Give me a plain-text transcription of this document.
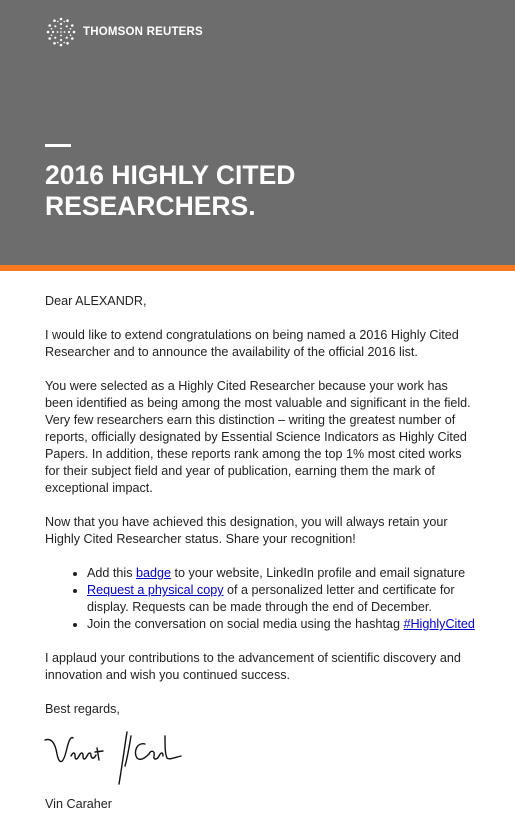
THOMSON REUTERS
2016 HIGHLY CITED
RESEARCHERS.

Dear ALEXANDR,

I would like to extend congratulations on being named a 2016 Highly Cited Researcher and to announce the availability of the official 2016 list.

You were selected as a Highly Cited Researcher because your work has been identified as being among the most valuable and significant in the field. Very few researchers earn this distinction – writing the greatest number of reports, officially designated by Essential Science Indicators as Highly Cited Papers. In addition, these reports rank among the top 1% most cited works for their subject field and year of publication, earning them the mark of exceptional impact.

Now that you have achieved this designation, you will always retain your Highly Cited Researcher status. Share your recognition!

• Add this badge to your website, LinkedIn profile and email signature
• Request a physical copy of a personalized letter and certificate for display. Requests can be made through the end of December.
• Join the conversation on social media using the hashtag #HighlyCited

I applaud your contributions to the advancement of scientific discovery and innovation and wish you continued success.

Best regards,

Vin Caraher
